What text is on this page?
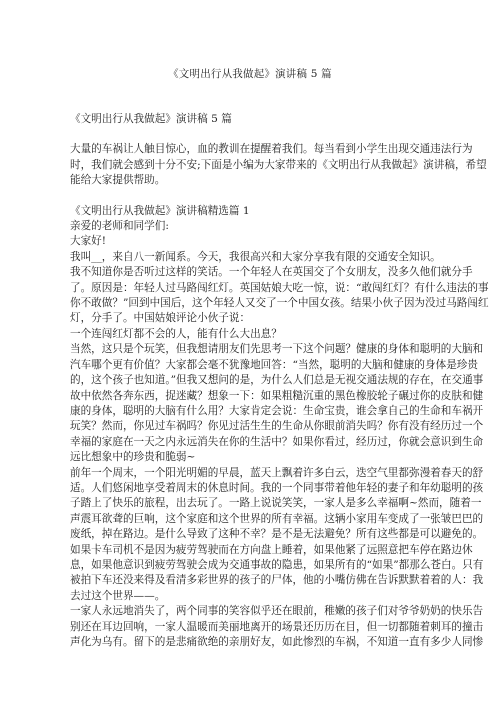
《文明出行从我做起》演讲稿 5 篇

《文明出行从我做起》演讲稿 5 篇

大量的车祸让人触目惊心，血的教训在提醒着我们。每当看到小学生出现交通违法行为

时，我们就会感到十分不安;下面是小编为大家带来的《文明出行从我做起》演讲稿，希望

能给大家提供帮助。

《文明出行从我做起》演讲稿精选篇 1

亲爱的老师和同学们:

大家好!

我叫__，来自八一新闻系。今天，我很高兴和大家分享我有限的交通安全知识。

我不知道你是否听过这样的笑话。一个年轻人在英国交了个女朋友，没多久他们就分手

了。原因是：年轻人过马路闯红灯。英国姑娘大吃一惊，说：“敢闯红灯？有什么违法的事

你不敢做？”回到中国后，这个年轻人又交了一个中国女孩。结果小伙子因为没过马路闯红

灯，分手了。中国姑娘评论小伙子说：

一个连闯红灯都不会的人，能有什么大出息？

当然，这只是个玩笑，但我想请朋友们先思考一下这个问题？健康的身体和聪明的大脑和

汽车哪个更有价值？大家都会毫不犹豫地回答：“当然，聪明的大脑和健康的身体是珍贵

的，这个孩子也知道。”但我又想问的是，为什么人们总是无视交通法规的存在，在交通事

故中依然各奔东西，捉迷藏？想象一下：如果粗糙沉重的黑色橡胶轮子碾过你的皮肤和健

康的身体，聪明的大脑有什么用？大家肯定会说：生命宝贵，谁会拿自己的生命和车祸开

玩笑？然而，你见过车祸吗？你见过活生生的生命从你眼前消失吗？你有没有经历过一个

幸福的家庭在一天之内永远消失在你的生活中？如果你看过，经历过，你就会意识到生命

远比想象中的珍贵和脆弱~

前年一个周末，一个阳光明媚的早晨，蓝天上飘着许多白云，迭空气里都弥漫着春天的舒

适。人们悠闲地享受着周末的休息时间。我的一个同事带着他年轻的妻子和年幼聪明的孩

子踏上了快乐的旅程，出去玩了。一路上说说笑笑，一家人是多么幸福啊~然而，随着一

声震耳欲聋的巨响，这个家庭和这个世界的所有幸福。这辆小家用车变成了一张皱巴巴的

废纸，掉在路边。是什么导致了这种不幸？是不是无法避免？所有这些都是可以避免的。

如果卡车司机不是因为疲劳驾驶而在方向盘上睡着，如果他紧了远照意把车停在路边休

息，如果他意识到疲劳驾驶会成为交通事故的隐患，如果所有的“如果”都那么苍白。只有

被拍下车还没来得及看清多彩世界的孩子的尸体，他的小嘴仿佛在告诉默默着着的人：我

去过这个世界——。

一家人永远地消失了，两个同事的笑容似乎还在眼前，稚嫩的孩子们对爷爷奶奶的快乐告

别还在耳边回响，一家人温暖而美丽地离开的场景还历历在目，但一切都随着刺耳的撞击

声化为乌有。留下的是悲痛欲绝的亲朋好友，如此惨烈的车祸，不知道一直有多少人同惨
